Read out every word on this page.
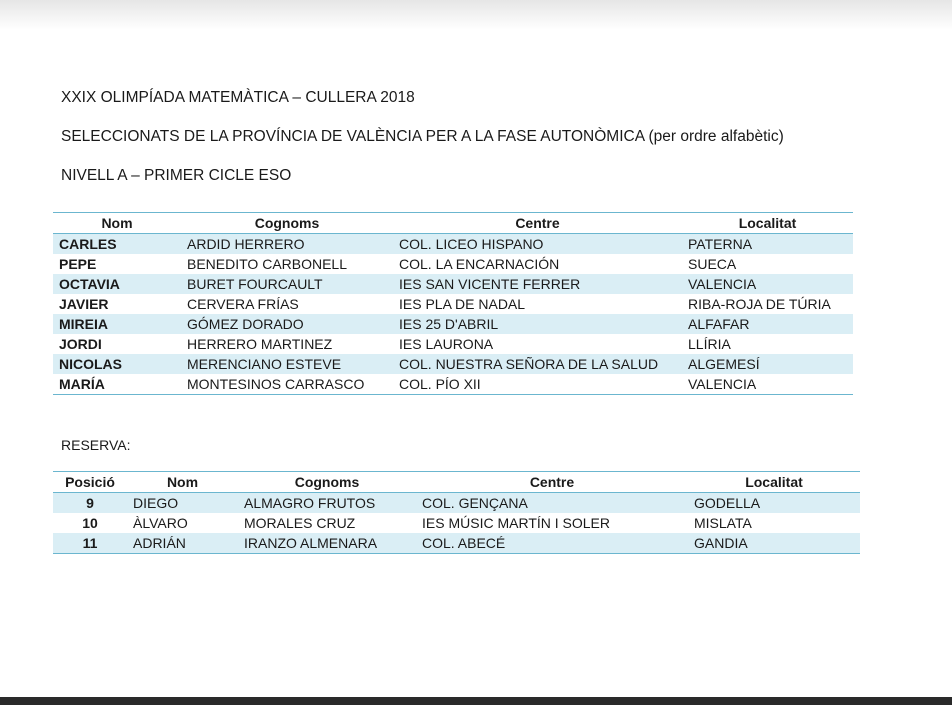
XXIX OLIMPÍADA MATEMÀTICA – CULLERA 2018
SELECCIONATS DE LA PROVÍNCIA DE VALÈNCIA PER A LA FASE AUTONÒMICA (per ordre alfabètic)
NIVELL A – PRIMER CICLE ESO
Nom	Cognoms	Centre	Localitat
CARLES	ARDID HERRERO	COL. LICEO HISPANO	PATERNA
PEPE	BENEDITO CARBONELL	COL. LA ENCARNACIÓN	SUECA
OCTAVIA	BURET FOURCAULT	IES SAN VICENTE FERRER	VALENCIA
JAVIER	CERVERA FRÍAS	IES PLA DE NADAL	RIBA-ROJA DE TÚRIA
MIREIA	GÓMEZ DORADO	IES 25 D'ABRIL	ALFAFAR
JORDI	HERRERO MARTINEZ	IES LAURONA	LLÍRIA
NICOLAS	MERENCIANO ESTEVE	COL. NUESTRA SEÑORA DE LA SALUD	ALGEMESÍ
MARÍA	MONTESINOS CARRASCO	COL. PÍO XII	VALENCIA
RESERVA:
Posició	Nom	Cognoms	Centre	Localitat
9	DIEGO	ALMAGRO FRUTOS	COL. GENÇANA	GODELLA
10	ÀLVARO	MORALES CRUZ	IES MÚSIC MARTÍN I SOLER	MISLATA
11	ADRIÁN	IRANZO ALMENARA	COL. ABECÉ	GANDIA
